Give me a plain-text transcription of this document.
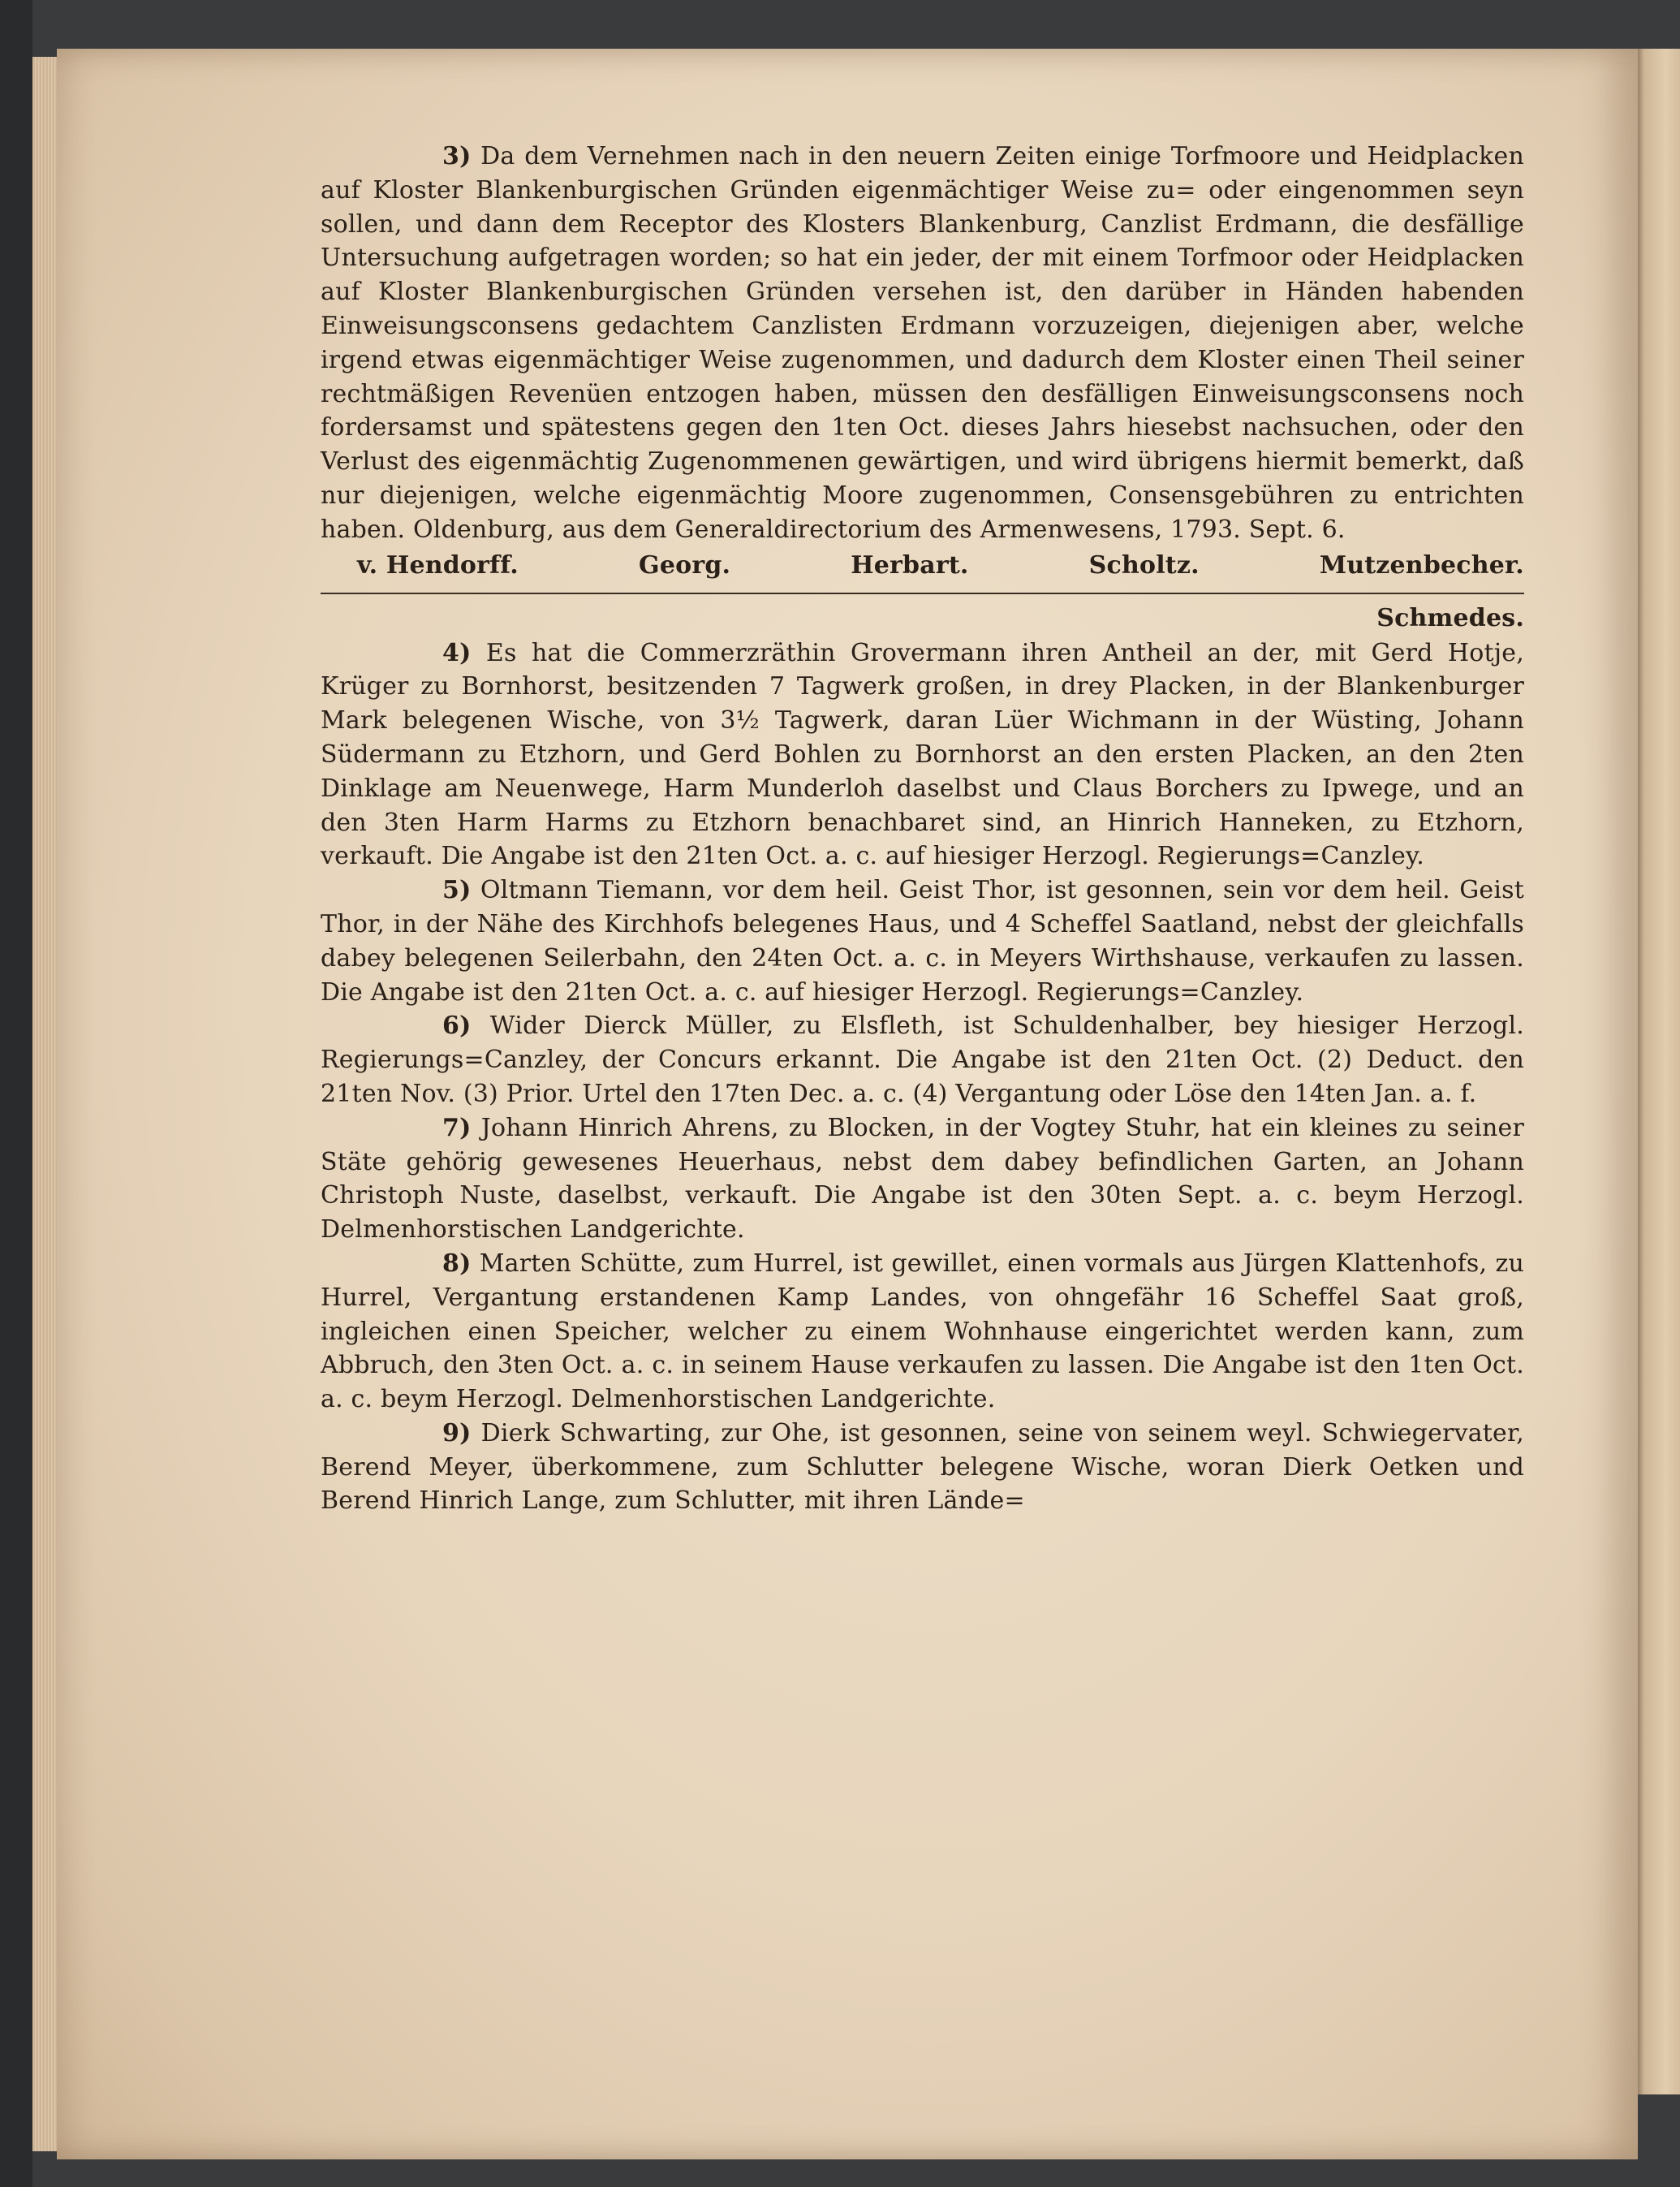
3) Da dem Vernehmen nach in den neuern Zeiten einige Torfmoore und Heidplacken auf Kloster Blankenburgischen Gründen eigenmächtiger Weise zu= oder eingenommen seyn sollen, und dann dem Receptor des Klosters Blankenburg, Canzlist Erdmann, die desfällige Untersuchung aufgetragen worden; so hat ein jeder, der mit einem Torfmoor oder Heidplacken auf Kloster Blankenburgischen Gründen versehen ist, den darüber in Händen habenden Einweisungsconsens gedachtem Canzlisten Erdmann vorzuzeigen, diejenigen aber, welche irgend etwas eigenmächtiger Weise zugenommen, und dadurch dem Kloster einen Theil seiner rechtmäßigen Revenüen entzogen haben, müssen den desfälligen Einweisungsconsens noch fordersamst und spätestens gegen den 1ten Oct. dieses Jahrs hiesebst nachsuchen, oder den Verlust des eigenmächtig Zugenommenen gewärtigen, und wird übrigens hiermit bemerkt, daß nur diejenigen, welche eigenmächtig Moore zugenommen, Consensgebühren zu entrichten haben. Oldenburg, aus dem Generaldirectorium des Armenwesens, 1793. Sept. 6.

v. Hendorff.	Georg.	Herbart.	Scholtz.	Mutzenbecher.
Schmedes.

4) Es hat die Commerzräthin Grovermann ihren Antheil an der, mit Gerd Hotje, Krüger zu Bornhorst, besitzenden 7 Tagwerk großen, in drey Placken, in der Blankenburger Mark belegenen Wische, von 3½ Tagwerk, daran Lüer Wichmann in der Wüsting, Johann Südermann zu Etzhorn, und Gerd Bohlen zu Bornhorst an den ersten Placken, an den 2ten Dinklage am Neuenwege, Harm Munderloh daselbst und Claus Borchers zu Ipwege, und an den 3ten Harm Harms zu Etzhorn benachbaret sind, an Hinrich Hanneken, zu Etzhorn, verkauft. Die Angabe ist den 21ten Oct. a. c. auf hiesiger Herzogl. Regierungs=Canzley.

5) Oltmann Tiemann, vor dem heil. Geist Thor, ist gesonnen, sein vor dem heil. Geist Thor, in der Nähe des Kirchhofs belegenes Haus, und 4 Scheffel Saatland, nebst der gleichfalls dabey belegenen Seilerbahn, den 24ten Oct. a. c. in Meyers Wirthshause, verkaufen zu lassen. Die Angabe ist den 21ten Oct. a. c. auf hiesiger Herzogl. Regierungs=Canzley.

6) Wider Dierck Müller, zu Elsfleth, ist Schuldenhalber, bey hiesiger Herzogl. Regierungs=Canzley, der Concurs erkannt. Die Angabe ist den 21ten Oct. (2) Deduct. den 21ten Nov. (3) Prior. Urtel den 17ten Dec. a. c. (4) Vergantung oder Löse den 14ten Jan. a. f.

7) Johann Hinrich Ahrens, zu Blocken, in der Vogtey Stuhr, hat ein kleines zu seiner Stäte gehörig gewesenes Heuerhaus, nebst dem dabey befindlichen Garten, an Johann Christoph Nuste, daselbst, verkauft. Die Angabe ist den 30ten Sept. a. c. beym Herzogl. Delmenhorstischen Landgerichte.

8) Marten Schütte, zum Hurrel, ist gewillet, einen vormals aus Jürgen Klattenhofs, zu Hurrel, Vergantung erstandenen Kamp Landes, von ohngefähr 16 Scheffel Saat groß, ingleichen einen Speicher, welcher zu einem Wohnhause eingerichtet werden kann, zum Abbruch, den 3ten Oct. a. c. in seinem Hause verkaufen zu lassen. Die Angabe ist den 1ten Oct. a. c. beym Herzogl. Delmenhorstischen Landgerichte.

9) Dierk Schwarting, zur Ohe, ist gesonnen, seine von seinem weyl. Schwiegervater, Berend Meyer, überkommene, zum Schlutter belegene Wische, woran Dierk Oetken und Berend Hinrich Lange, zum Schlutter, mit ihren Lände=
